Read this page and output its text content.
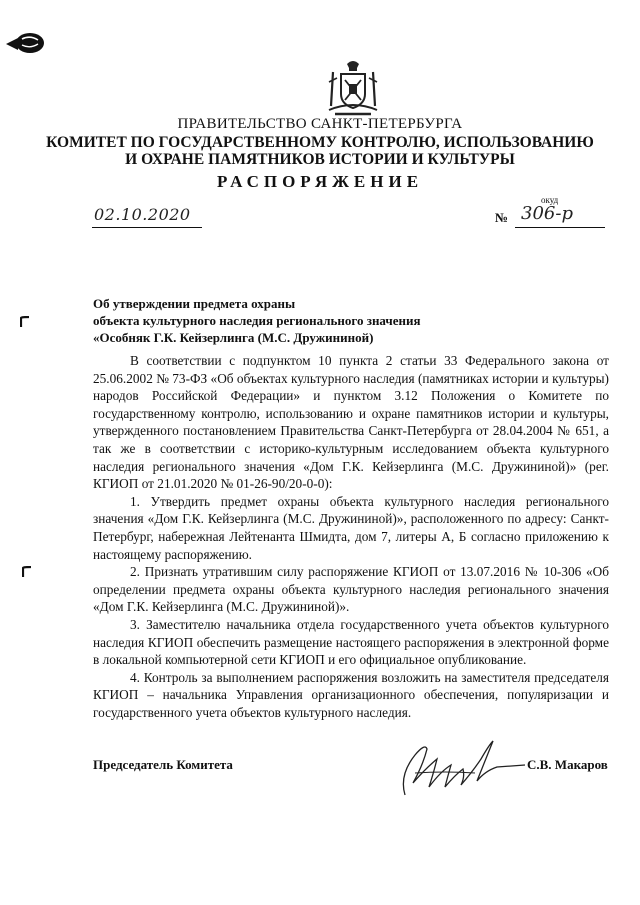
ПРАВИТЕЛЬСТВО САНКТ-ПЕТЕРБУРГА
КОМИТЕТ ПО ГОСУДАРСТВЕННОМУ КОНТРОЛЮ, ИСПОЛЬЗОВАНИЮ
И ОХРАНЕ ПАМЯТНИКОВ ИСТОРИИ И КУЛЬТУРЫ
РАСПОРЯЖЕНИЕ
окуд
02.10.2020	№ 306-р
Об утверждении предмета охраны
объекта культурного наследия регионального значения
«Особняк Г.К. Кейзерлинга (М.С. Дружининой)

В соответствии с подпунктом 10 пункта 2 статьи 33 Федерального закона от 25.06.2002 № 73-ФЗ «Об объектах культурного наследия (памятниках истории и культуры) народов Российской Федерации» и пунктом 3.12 Положения о Комитете по государственному контролю, использованию и охране памятников истории и культуры, утвержденного постановлением Правительства Санкт-Петербурга от 28.04.2004 № 651, а так же в соответствии с историко-культурным исследованием объекта культурного наследия регионального значения «Дом Г.К. Кейзерлинга (М.С. Дружининой)» (рег. КГИОП от 21.01.2020 № 01-26-90/20-0-0):

1. Утвердить предмет охраны объекта культурного наследия регионального значения «Дом Г.К. Кейзерлинга (М.С. Дружининой)», расположенного по адресу: Санкт-Петербург, набережная Лейтенанта Шмидта, дом 7, литеры А, Б согласно приложению к настоящему распоряжению.

2. Признать утратившим силу распоряжение КГИОП от 13.07.2016 № 10-306 «Об определении предмета охраны объекта культурного наследия регионального значения «Дом Г.К. Кейзерлинга (М.С. Дружининой)».

3. Заместителю начальника отдела государственного учета объектов культурного наследия КГИОП обеспечить размещение настоящего распоряжения в электронной форме в локальной компьютерной сети КГИОП и его официальное опубликование.

4. Контроль за выполнением распоряжения возложить на заместителя председателя КГИОП – начальника Управления организационного обеспечения, популяризации и государственного учета объектов культурного наследия.

Председатель Комитета	С.В. Макаров
